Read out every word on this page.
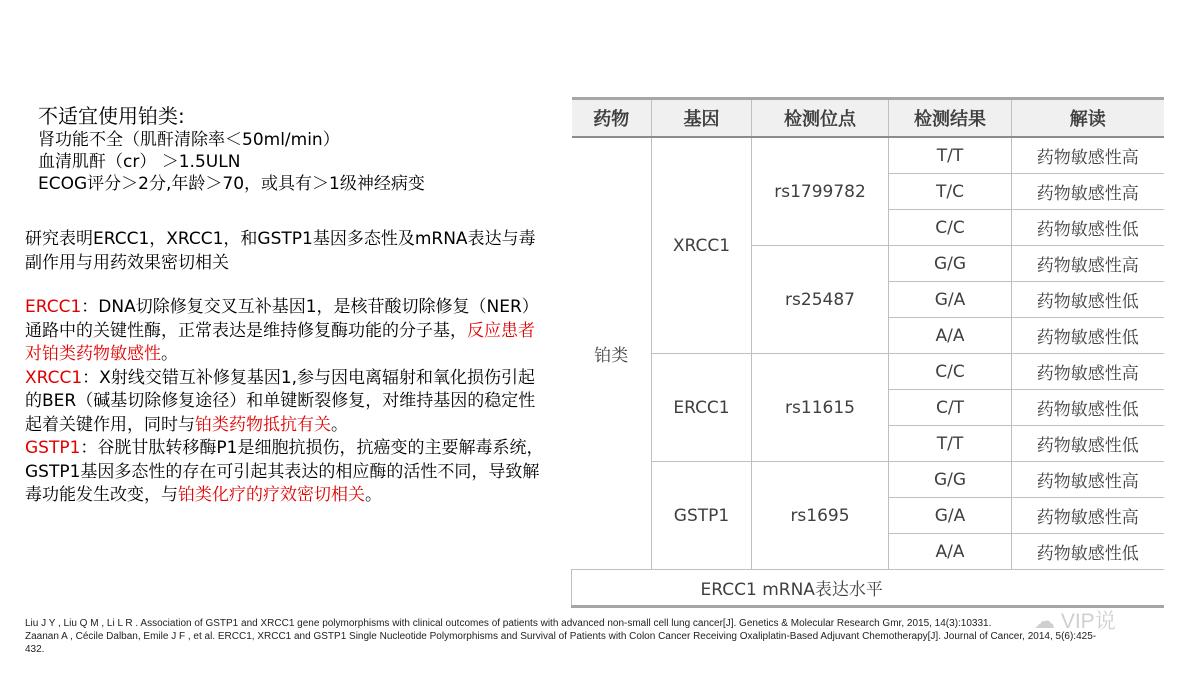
不适宜使用铂类:
肾功能不全（肌酐清除率＜50ml/min）
血清肌酐（cr） ＞1.5ULN
ECOG评分＞2分,年龄＞70，或具有＞1级神经病变
研究表明ERCC1，XRCC1，和GSTP1基因多态性及mRNA表达与毒副作用与用药效果密切相关
ERCC1：DNA切除修复交叉互补基因1，是核苷酸切除修复（NER）通路中的关键性酶，正常表达是维持修复酶功能的分子基，反应患者对铂类药物敏感性。
XRCC1：X射线交错互补修复基因1,参与因电离辐射和氧化损伤引起的BER（碱基切除修复途径）和单键断裂修复，对维持基因的稳定性起着关键作用，同时与铂类药物抵抗有关。
GSTP1：谷胱甘肽转移酶P1是细胞抗损伤，抗癌变的主要解毒系统，GSTP1基因多态性的存在可引起其表达的相应酶的活性不同，导致解毒功能发生改变，与铂类化疗的疗效密切相关。
药物	基因	检测位点	检测结果	解读
铂类	XRCC1	rs1799782	T/T	药物敏感性高
			T/C	药物敏感性高
			C/C	药物敏感性低
		rs25487	G/G	药物敏感性高
			G/A	药物敏感性低
			A/A	药物敏感性低
	ERCC1	rs11615	C/C	药物敏感性高
			C/T	药物敏感性低
			T/T	药物敏感性低
	GSTP1	rs1695	G/G	药物敏感性高
			G/A	药物敏感性高
			A/A	药物敏感性低
ERCC1 mRNA表达水平				
Liu J Y , Liu Q M , Li L R . Association of GSTP1 and XRCC1 gene polymorphisms with clinical outcomes of patients with advanced non-small cell lung cancer[J]. Genetics & Molecular Research Gmr, 2015, 14(3):10331.
Zaanan A , Cécile Dalban, Emile J F , et al. ERCC1, XRCC1 and GSTP1 Single Nucleotide Polymorphisms and Survival of Patients with Colon Cancer Receiving Oxaliplatin-Based Adjuvant Chemotherapy[J]. Journal of Cancer, 2014, 5(6):425-432.
☁ VIP说
